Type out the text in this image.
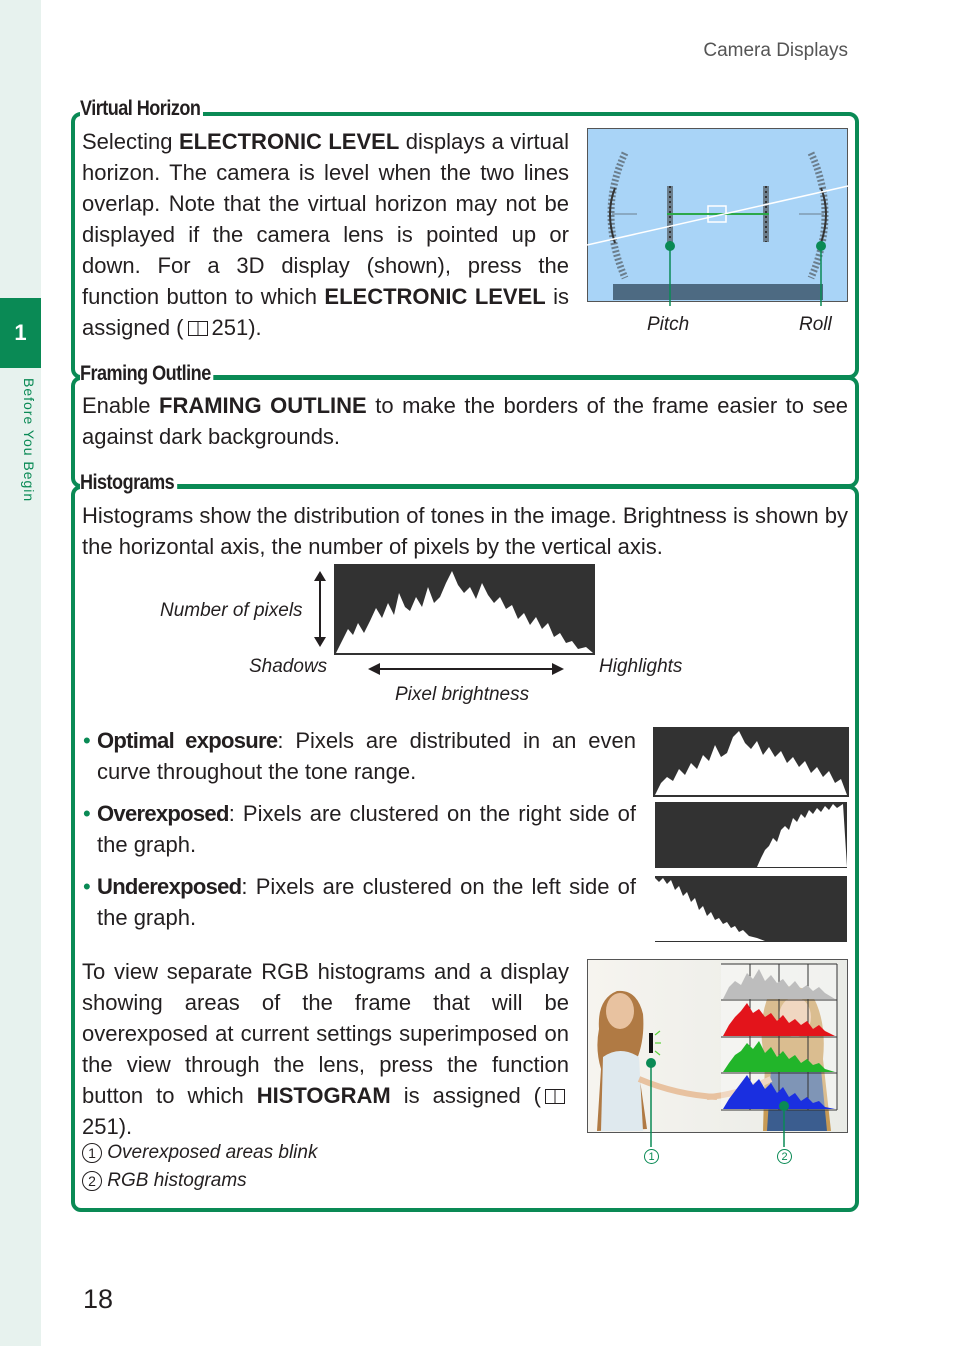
1
Before You Begin
Camera Displays
Virtual Horizon
Selecting ELECTRONIC LEVEL displays a virtual horizon. The camera is level when the two lines overlap. Note that the virtual horizon may not be displayed if the camera lens is pointed up or down. For a 3D display (shown), press the function button to which ELECTRONIC LEVEL is assigned ( 251).	Pitch	Roll
Framing Outline
Enable FRAMING OUTLINE to make the borders of the frame easier to see against dark backgrounds.
Histograms
Histograms show the distribution of tones in the image. Brightness is shown by the horizontal axis, the number of pixels by the vertical axis.
Number of pixels
Shadows	Highlights
Pixel brightness
• Optimal exposure: Pixels are distributed in an even curve throughout the tone range.
• Overexposed: Pixels are clustered on the right side of the graph.
• Underexposed: Pixels are clustered on the left side of the graph.
To view separate RGB histograms and a display showing areas of the frame that will be overexposed at current settings superimposed on the view through the lens, press the function button to which HISTOGRAM is assigned (251).
1 Overexposed areas blink
2 RGB histograms
1	2
18
